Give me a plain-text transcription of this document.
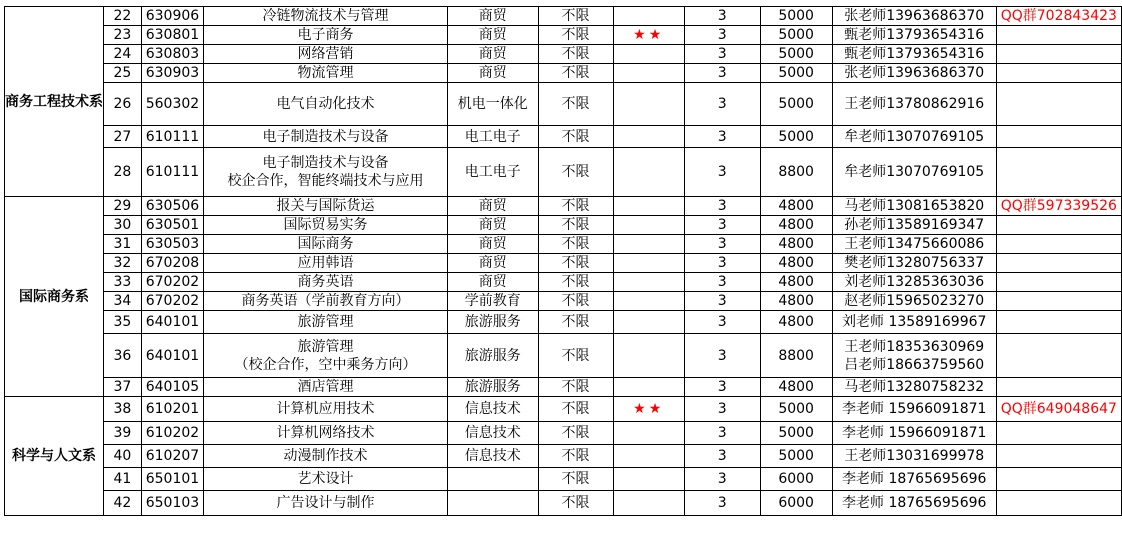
商务工程技术系	22	630906	冷链物流技术与管理	商贸	不限		3	5000	张老师13963686370	QQ群702843423
	23	630801	电子商务	商贸	不限	★★	3	5000	甄老师13793654316	

	24	630803	网络营销	商贸	不限		3	5000	甄老师13793654316	

	25	630903	物流管理	商贸	不限		3	5000	张老师13963686370	

	26	560302	电气自动化技术	机电一体化	不限		3	5000	王老师13780862916	

	27	610111	电子制造技术与设备	电工电子	不限		3	5000	牟老师13070769105	

	28	610111	电子制造技术与设备
校企合作，智能终端技术与应用	电工电子	不限		3	8800	牟老师13070769105	

国际商务系	29	630506	报关与国际货运	商贸	不限		3	4800	马老师13081653820	QQ群597339526
	30	630501	国际贸易实务	商贸	不限		3	4800	孙老师13589169347	

	31	630503	国际商务	商贸	不限		3	4800	王老师13475660086	

	32	670208	应用韩语	商贸	不限		3	4800	樊老师13280756337	

	33	670202	商务英语	商贸	不限		3	4800	刘老师13285363036	

	34	670202	商务英语（学前教育方向）	学前教育	不限		3	4800	赵老师15965023270	

	35	640101	旅游管理	旅游服务	不限		3	4800	刘老师 13589169967	

	36	640101	旅游管理
（校企合作，空中乘务方向）	旅游服务	不限		3	8800	王老师18353630969
吕老师18663759560	

	37	640105	酒店管理	旅游服务	不限		3	4800	马老师13280758232	

科学与人文系	38	610201	计算机应用技术	信息技术	不限	★★	3	5000	李老师 15966091871	QQ群649048647
	39	610202	计算机网络技术	信息技术	不限		3	5000	李老师 15966091871	

	40	610207	动漫制作技术	信息技术	不限		3	5000	王老师13031699978	

	41	650101	艺术设计		不限		3	6000	李老师 18765695696	

	42	650103	广告设计与制作		不限		3	6000	李老师 18765695696	
